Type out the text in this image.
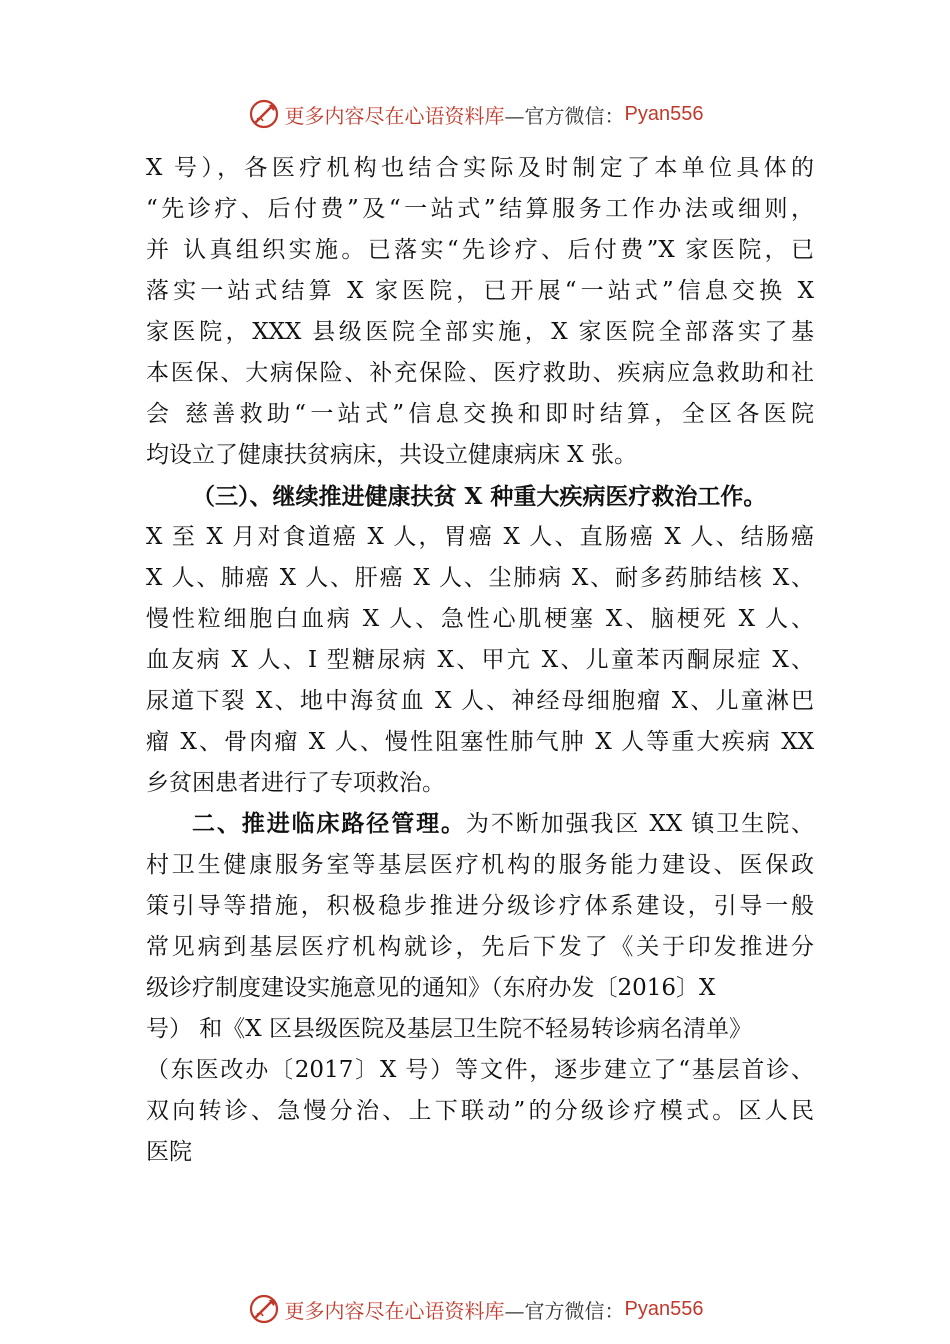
更多内容尽在心语资料库 —官方微信： Pyan556
X 号），各医疗机构也结合实际及时制定了本单位具体的
“先诊疗、后付费”及“一站式”结算服务工作办法或细则，
并 认真组织实施。已落实“先诊疗、后付费”X 家医院，已
落实一站式结算 X 家医院，已开展“一站式”信息交换 X
家医院，XXX 县级医院全部实施，X 家医院全部落实了基
本医保、大病保险、补充保险、医疗救助、疾病应急救助和社
会 慈善救助“一站式”信息交换和即时结算，全区各医院
均设立了健康扶贫病床，共设立健康病床 X 张。
（三）、继续推进健康扶贫 X 种重大疾病医疗救治工作。
X 至 X 月对食道癌 X 人，胃癌 X 人、直肠癌 X 人、结肠癌
X 人、肺癌 X 人、肝癌 X 人、尘肺病 X、耐多药肺结核 X、
慢性粒细胞白血病 X 人、急性心肌梗塞 X、脑梗死 X 人、
血友病 X 人、I 型糖尿病 X、甲亢 X、儿童苯丙酮尿症 X、
尿道下裂 X、地中海贫血 X 人、神经母细胞瘤 X、儿童淋巴
瘤 X、骨肉瘤 X 人、慢性阻塞性肺气肿 X 人等重大疾病 XX
乡贫困患者进行了专项救治。
二、推进临床路径管理。为不断加强我区 XX 镇卫生院、
村卫生健康服务室等基层医疗机构的服务能力建设、医保政
策引导等措施，积极稳步推进分级诊疗体系建设，引导一般
常见病到基层医疗机构就诊，先后下发了《关于印发推进分
级诊疗制度建设实施意见的通知》（东府办发〔2016〕X
号） 和《X 区县级医院及基层卫生院不轻易转诊病名清单》
（东医改办〔2017〕X 号）等文件，逐步建立了“基层首诊、
双向转诊、急慢分治、上下联动”的分级诊疗模式。区人民
医院
更多内容尽在心语资料库 —官方微信： Pyan556
